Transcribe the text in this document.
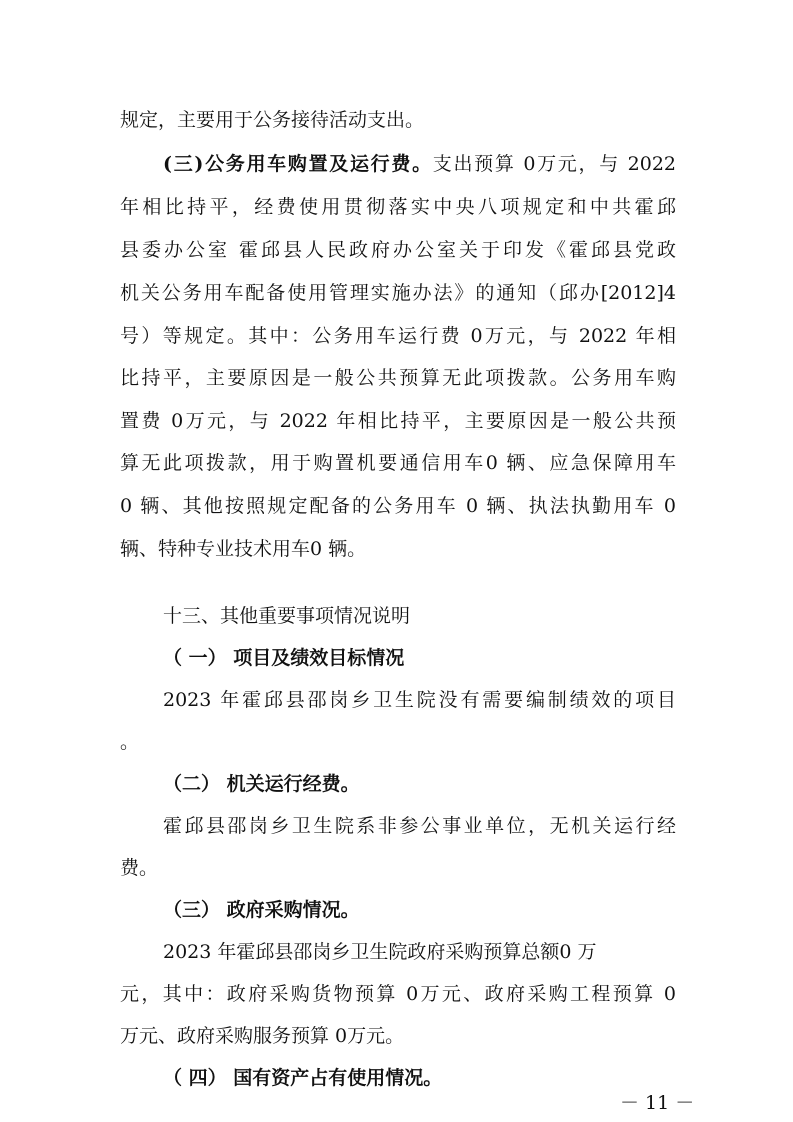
规定，主要用于公务接待活动支出。
(三)公务用车购置及运行费。支出预算 0万元，与 2022
年相比持平，经费使用贯彻落实中央八项规定和中共霍邱
县委办公室 霍邱县人民政府办公室关于印发《霍邱县党政
机关公务用车配备使用管理实施办法》的通知（邱办[2012]4
号）等规定。其中：公务用车运行费 0万元，与 2022 年相
比持平，主要原因是一般公共预算无此项拨款。公务用车购
置费 0万元，与 2022 年相比持平，主要原因是一般公共预
算无此项拨款，用于购置机要通信用车0 辆、应急保障用车
0 辆、其他按照规定配备的公务用车 0 辆、执法执勤用车 0
辆、特种专业技术用车0 辆。
十三、其他重要事项情况说明
（ 一） 项目及绩效目标情况
2023 年霍邱县邵岗乡卫生院没有需要编制绩效的项目
。
（二） 机关运行经费。
霍邱县邵岗乡卫生院系非参公事业单位，无机关运行经
费。
（三） 政府采购情况。
2023 年霍邱县邵岗乡卫生院政府采购预算总额0 万
元，其中：政府采购货物预算 0万元、政府采购工程预算 0
万元、政府采购服务预算 0万元。
（ 四） 国有资产占有使用情况。
－ 11 －
